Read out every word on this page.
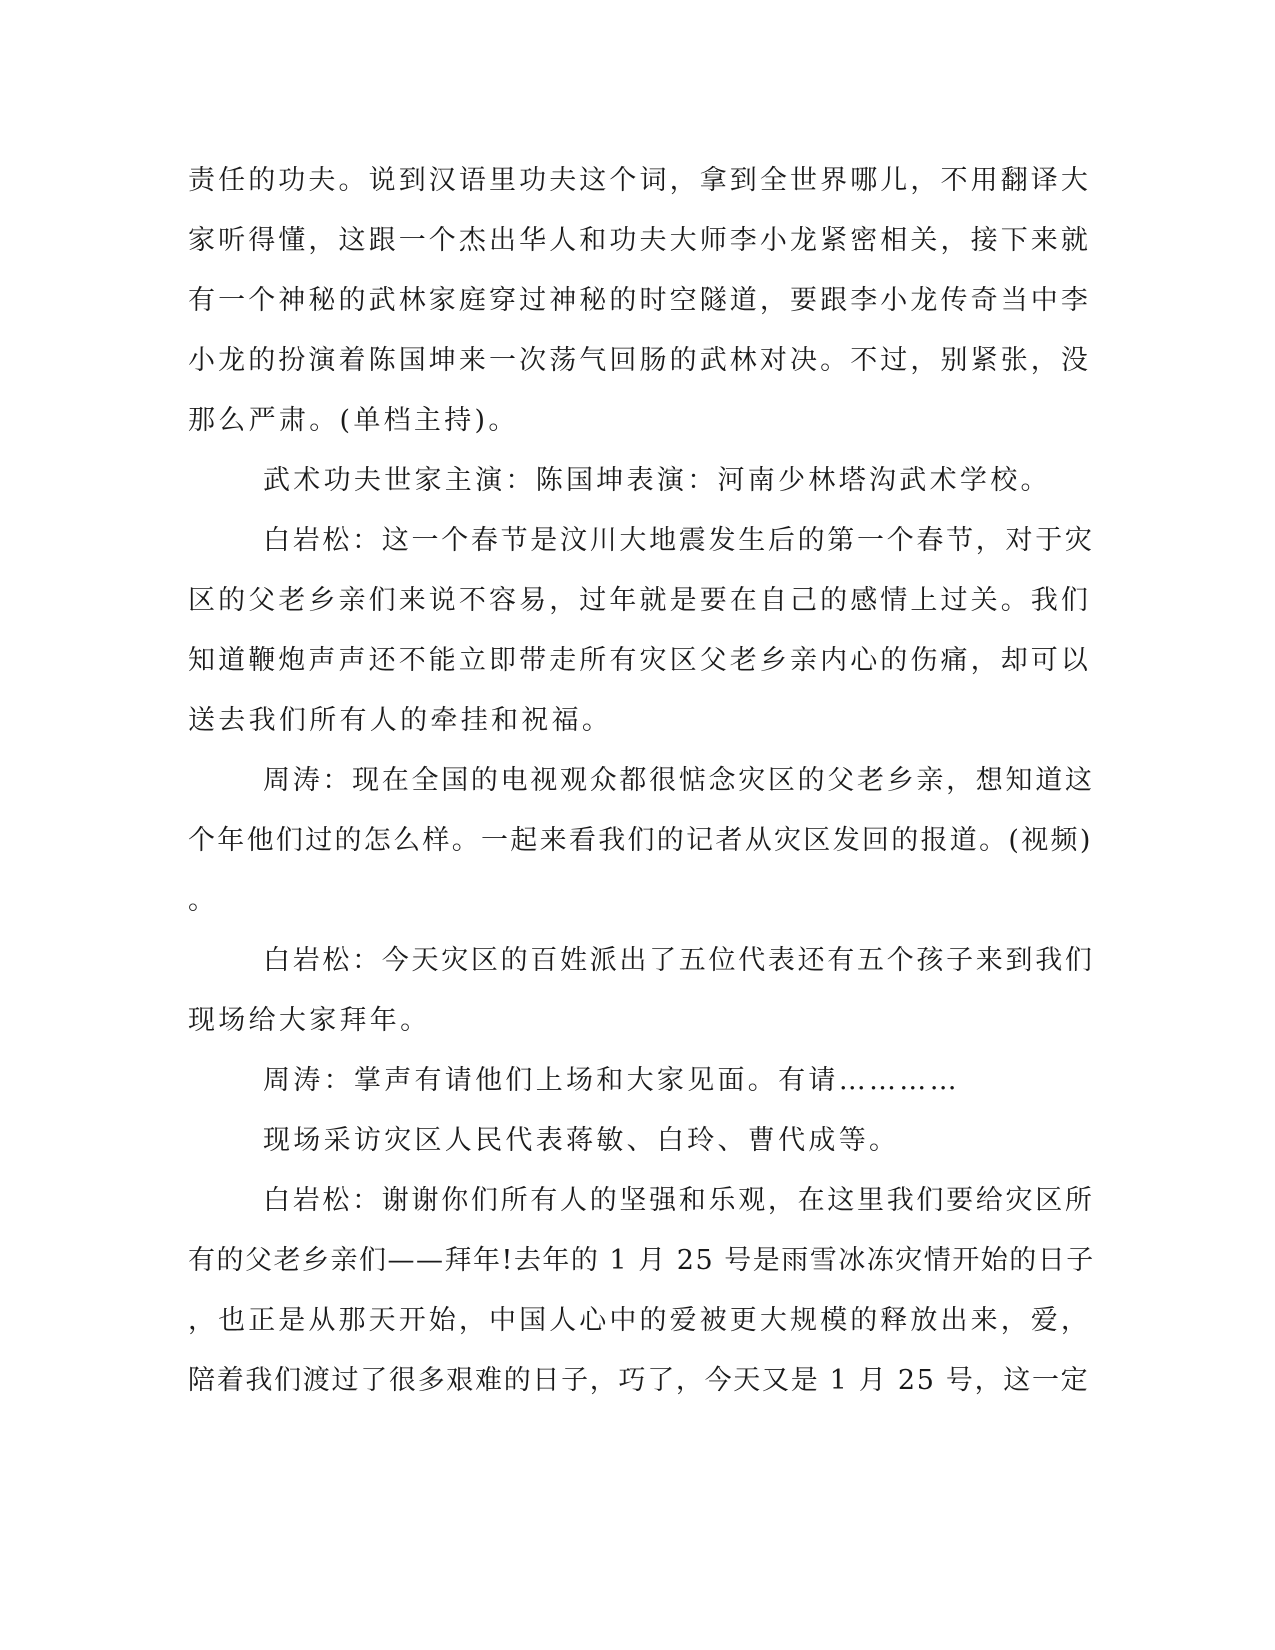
责任的功夫。说到汉语里功夫这个词，拿到全世界哪儿，不用翻译大
家听得懂，这跟一个杰出华人和功夫大师李小龙紧密相关，接下来就
有一个神秘的武林家庭穿过神秘的时空隧道，要跟李小龙传奇当中李
小龙的扮演着陈国坤来一次荡气回肠的武林对决。不过，别紧张，没
那么严肃。(单档主持)。
武术功夫世家主演：陈国坤表演：河南少林塔沟武术学校。
白岩松：这一个春节是汶川大地震发生后的第一个春节，对于灾
区的父老乡亲们来说不容易，过年就是要在自己的感情上过关。我们
知道鞭炮声声还不能立即带走所有灾区父老乡亲内心的伤痛，却可以
送去我们所有人的牵挂和祝福。
周涛：现在全国的电视观众都很惦念灾区的父老乡亲，想知道这
个年他们过的怎么样。一起来看我们的记者从灾区发回的报道。(视频)
。
白岩松：今天灾区的百姓派出了五位代表还有五个孩子来到我们
现场给大家拜年。
周涛：掌声有请他们上场和大家见面。有请…………
现场采访灾区人民代表蒋敏、白玲、曹代成等。
白岩松：谢谢你们所有人的坚强和乐观，在这里我们要给灾区所
有的父老乡亲们——拜年!去年的 1 月 25 号是雨雪冰冻灾情开始的日子
，也正是从那天开始，中国人心中的爱被更大规模的释放出来，爱，
陪着我们渡过了很多艰难的日子，巧了，今天又是 1 月 25 号，这一定
